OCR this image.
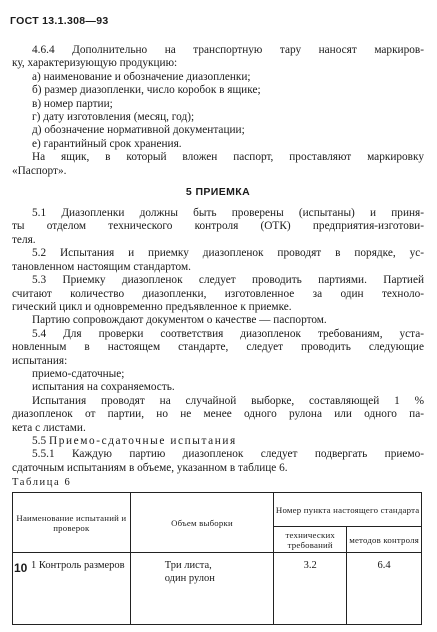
ГОСТ 13.1.308—93
4.6.4 Дополнительно на транспортную тару наносят маркиров-
ку, характеризующую продукцию:
а) наименование и обозначение диазопленки;
б) размер диазопленки, число коробок в ящике;
в) номер партии;
г) дату изготовления (месяц, год);
д) обозначение нормативной документации;
е) гарантийный срок хранения.
На ящик, в который вложен паспорт, проставляют маркировку
«Паспорт».
5 ПРИЕМКА
5.1 Диазопленки должны быть проверены (испытаны) и приня-
ты отделом технического контроля (ОТК) предприятия-изготови-
теля.
5.2 Испытания и приемку диазопленок проводят в порядке, ус-
тановленном настоящим стандартом.
5.3 Приемку диазопленок следует проводить партиями. Партией
считают количество диазопленки, изготовленное за один техноло-
гический цикл и одновременно предъявленное к приемке.
Партию сопровождают документом о качестве — паспортом.
5.4 Для проверки соответствия диазопленок требованиям, уста-
новленным в настоящем стандарте, следует проводить следующие
испытания:
приемо-сдаточные;
испытания на сохраняемость.
Испытания проводят на случайной выборке, составляющей 1 %
диазопленок от партии, но не менее одного рулона или одного па-
кета с листами.
5.5 Приемо-сдаточные испытания
5.5.1 Каждую партию диазопленок следует подвергать приемо-
сдаточным испытаниям в объеме, указанном в таблице 6.
Таблица 6
Наименование испытаний и проверок	Объем выборки	Номер пункта настоящего стандарта	
		технических требований	методов контроля
1 Контроль размеров	Три листа,
один рулон	3.2	6.4
10
